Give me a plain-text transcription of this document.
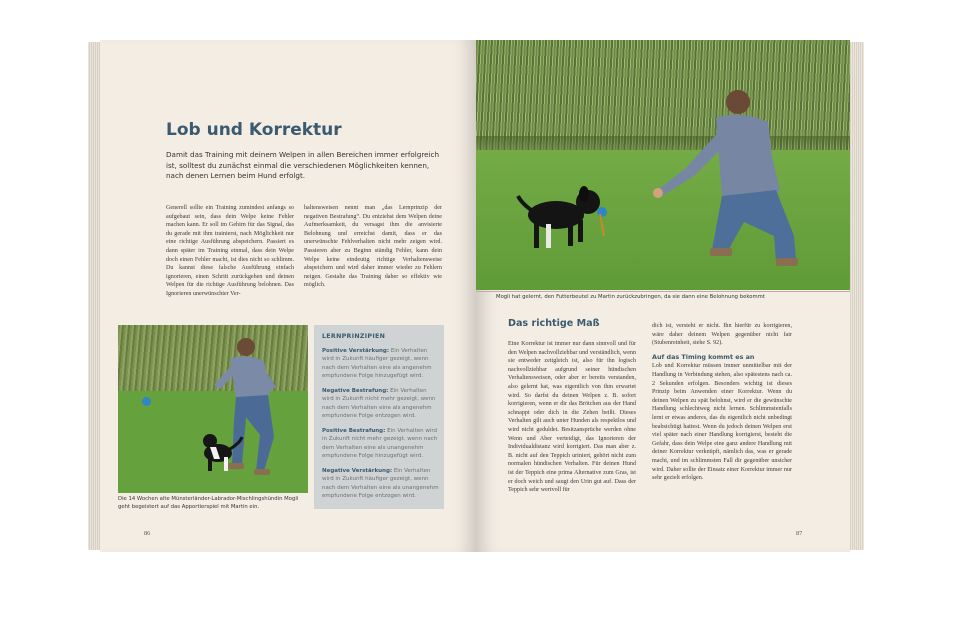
Lob und Korrektur
Damit das Training mit deinem Welpen in allen Bereichen immer erfolgreich ist, solltest du zunächst einmal die verschiedenen Möglichkeiten kennen, nach denen Lernen beim Hund erfolgt.
Generell sollte ein Training zumindest anfangs so aufgebaut sein, dass dein Welpe keine Fehler machen kann. Er soll im Gehirn für das Signal, das du gerade mit ihm trainierst, nach Möglichkeit nur eine richtige Ausführung abspeichern. Passiert es dann später im Training einmal, dass dein Welpe doch einen Fehler macht, ist dies nicht so schlimm. Du kannst diese falsche Ausführung einfach ignorieren, einen Schritt zurückgehen und deinen Welpen für die richtige Ausführung belohnen. Das Ignorieren unerwünschter Ver-
haltensweisen nennt man „das Lernprinzip der negativen Bestrafung“. Du entziehst dem Welpen deine Aufmerksamkeit, du versagst ihm die anvisierte Belohnung und erreichst damit, dass er das unerwünschte Fehlverhalten nicht mehr zeigen wird. Passieren aber zu Beginn ständig Fehler, kann dein Welpe keine eindeutig richtige Verhaltensweise abspeichern und wird daher immer wieder zu Fehlern neigen. Gestalte das Training daher so effektiv wie möglich.
Die 14 Wochen alte Münsterländer-Labrador-Mischlingshündin Mogli geht begeistert auf das Apportierspiel mit Martin ein.
LERNPRINZIPIEN
Positive Verstärkung: Ein Verhalten wird in Zukunft häufiger gezeigt, wenn nach dem Verhalten eine als angenehm empfundene Folge hinzugefügt wird.
Negative Bestrafung: Ein Verhalten wird in Zukunft nicht mehr gezeigt, wenn nach dem Verhalten eine als angenehm empfundene Folge entzogen wird.
Positive Bestrafung: Ein Verhalten wird in Zukunft nicht mehr gezeigt, wenn nach dem Verhalten eine als unangenehm empfundene Folge hinzugefügt wird.
Negative Verstärkung: Ein Verhalten wird in Zukunft häufiger gezeigt, wenn nach dem Verhalten eine als unangenehm empfundene Folge entzogen wird.
86
Mogli hat gelernt, den Futterbeutel zu Martin zurückzubringen, da sie dann eine Belohnung bekommt
Das richtige Maß
Eine Korrektur ist immer nur dann sinnvoll und für den Welpen nachvollziehbar und verständlich, wenn sie entweder zeitgleich ist, also für ihn logisch nachvollziehbar aufgrund seiner hündischen Verhaltensweisen, oder aber er bereits verstanden, also gelernt hat, was eigentlich von ihm erwartet wird. So darfst du deinen Welpen z. B. sofort korrigieren, wenn er dir das Brötchen aus der Hand schnappt oder dich in die Zehen beißt. Dieses Verhalten gilt auch unter Hunden als respektlos und wird nicht geduldet. Besitzansprüche werden ohne Wenn und Aber verteidigt, das Ignorieren der Individualdistanz wird korrigiert. Das man aber z. B. nicht auf den Teppich uriniert, gehört nicht zum normalen hündischen Verhalten. Für deinen Hund ist der Teppich eine prima Alternative zum Gras, ist er doch weich und saugt den Urin gut auf. Dass der Teppich sehr wertvoll für
dich ist, versteht er nicht. Ihn hierfür zu korrigieren, wäre daher deinem Welpen gegenüber nicht fair (Stubenreinheit, siehe S. 92).
Auf das Timing kommt es an
Lob und Korrektur müssen immer unmittelbar mit der Handlung in Verbindung stehen, also spätestens nach ca. 2 Sekunden erfolgen. Besonders wichtig ist dieses Prinzip beim Anwenden einer Korrektur. Wenn du deinen Welpen zu spät belohnst, wird er die gewünschte Handlung schlechtweg nicht lernen. Schlimmstenfalls lernt er etwas anderes, das du eigentlich nicht unbedingt beabsichtigt hattest. Wenn du jedoch deinen Welpen erst viel später nach einer Handlung korrigierst, besteht die Gefahr, dass dein Welpe eine ganz andere Handlung mit deiner Korrektur verknüpft, nämlich das, was er gerade macht, und im schlimmsten Fall dir gegenüber unsicher wird. Daher sollte der Einsatz einer Korrektur immer nur sehr gezielt erfolgen.
87
